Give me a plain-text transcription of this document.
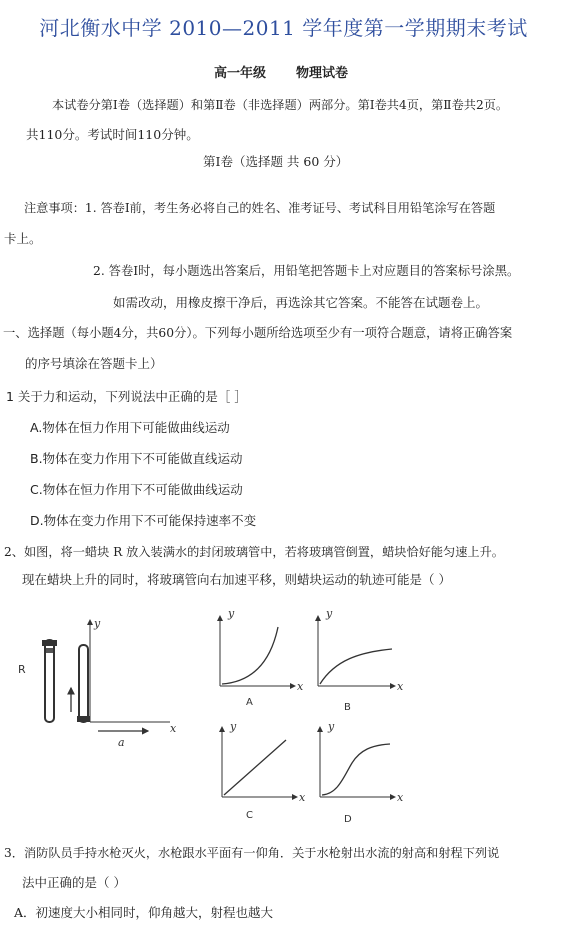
河北衡水中学 2010—2011 学年度第一学期期末考试
高一年级 物理试卷
本试卷分第Ⅰ卷（选择题）和第Ⅱ卷（非选择题）两部分。第Ⅰ卷共4页，第Ⅱ卷共2页。
共110分。考试时间110分钟。
第Ⅰ卷（选择题 共 60 分）
注意事项：1. 答卷Ⅰ前，考生务必将自己的姓名、准考证号、考试科目用铅笔涂写在答题
卡上。
2. 答卷Ⅰ时，每小题选出答案后，用铅笔把答题卡上对应题目的答案标号涂黑。
如需改动，用橡皮擦干净后，再选涂其它答案。不能答在试题卷上。
一、选择题（每小题4分，共60分）。下列每小题所给选项至少有一项符合题意，请将正确答案
的序号填涂在答题卡上）
1 关于力和运动，下列说法中正确的是［ ］
A.物体在恒力作用下可能做曲线运动
B.物体在变力作用下不可能做直线运动
C.物体在恒力作用下不可能做曲线运动
D.物体在变力作用下不可能保持速率不变
2、如图，将一蜡块 R 放入装满水的封闭玻璃管中，若将玻璃管倒置，蜡块恰好能匀速上升。
现在蜡块上升的同时，将玻璃管向右加速平移，则蜡块运动的轨迹可能是（ ）
R
y
x
a
y
x
A
y
x
B
y
x
C
y
x
D
3．消防队员手持水枪灭火，水枪跟水平面有一仰角．关于水枪射出水流的射高和射程下列说
法中正确的是（ ）
A．初速度大小相同时，仰角越大，射程也越大
